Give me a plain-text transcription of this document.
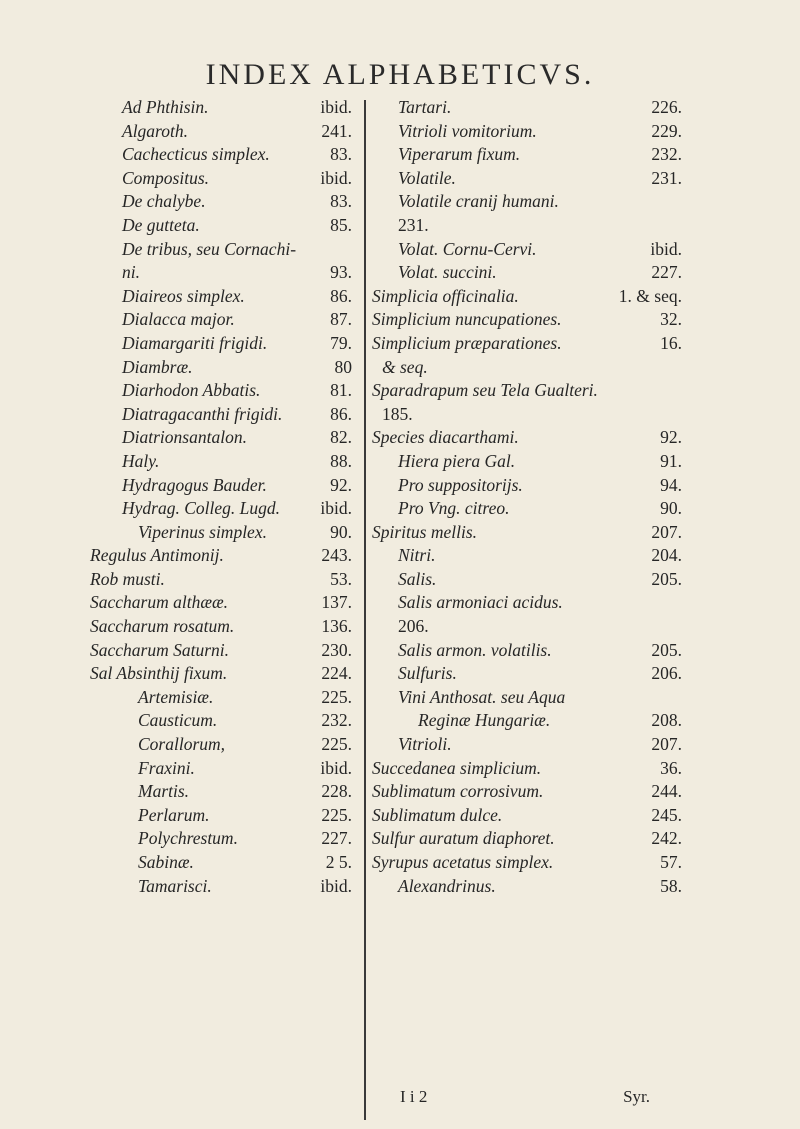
INDEX ALPHABETICVS.
Ad Phthisin.	ibid.
Algaroth.	241.
Cachecticus simplex.	83.
Compositus.	ibid.
De chalybe.	83.
De gutteta.	85.
De tribus, seu Cornachi-
ni.	93.
Diaireos simplex.	86.
Dialacca major.	87.
Diamargariti frigidi.	79.
Diambræ.	80
Diarhodon Abbatis.	81.
Diatragacanthi frigidi.	86.
Diatrionsantalon.	82.
Haly.	88.
Hydragogus Bauder.	92.
Hydrag. Colleg. Lugd. ibid.
Viperinus simplex.	90.
Regulus Antimonij.	243.
Rob musti.	53.
Saccharum althææ.	137.
Saccharum rosatum.	136.
Saccharum Saturni.	230.
Sal Absinthij fixum.	224.
Artemisiæ.	225.
Causticum.	232.
Corallorum,	225.
Fraxini.	ibid.
Martis.	228.
Perlarum.	225.
Polychrestum.	227.
Sabinæ.	2 5.
Tamarisci.	ibid.
Tartari.	226.
Vitrioli vomitorium.	229.
Viperarum fixum.	232.
Volatile.	231.
Volatile cranij humani.
231.
Volat. Cornu-Cervi.	ibid.
Volat. succini.	227.
Simplicia officinalia.	1. & seq.
Simplicium nuncupationes.	32.
Simplicium præparationes.	16.
& seq.
Sparadrapum seu Tela Gualteri.
185.
Species diacarthami.	92.
Hiera piera Gal.	91.
Pro suppositorijs.	94.
Pro Vng. citreo.	90.
Spiritus mellis.	207.
Nitri.	204.
Salis.	205.
Salis armoniaci acidus.
206.
Salis armon. volatilis.	205.
Sulfuris.	206.
Vini Anthosat. seu Aqua
Reginæ Hungariæ.	208.
Vitrioli.	207.
Succedanea simplicium.	36.
Sublimatum corrosivum.	244.
Sublimatum dulce.	245.
Sulfur auratum diaphoret.	242.
Syrupus acetatus simplex.	57.
Alexandrinus.	58.
I i 2	Syr.
